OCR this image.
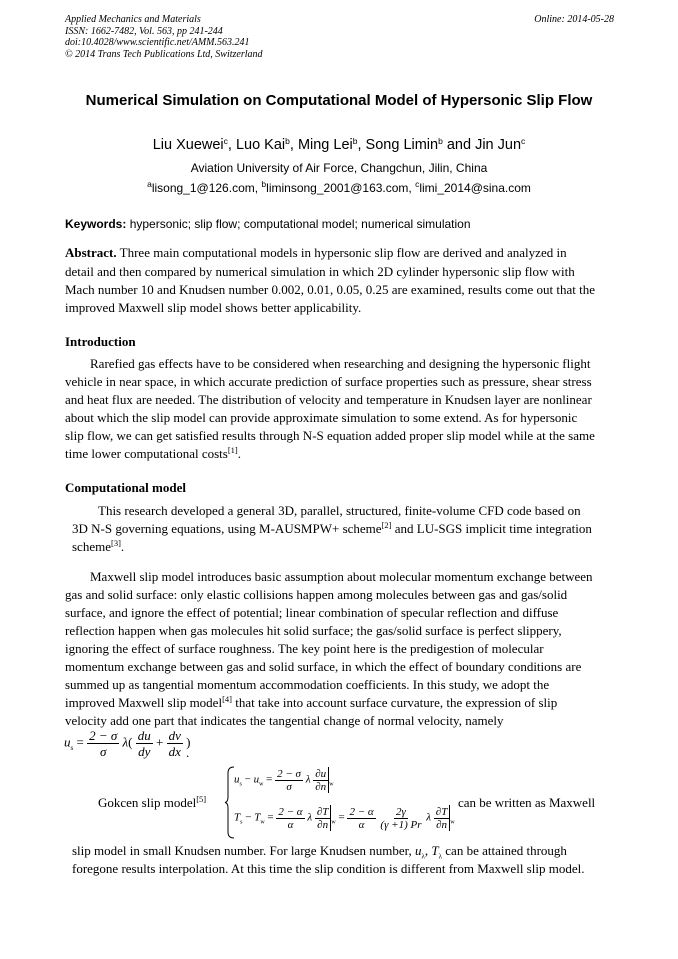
Applied Mechanics and Materials
ISSN: 1662-7482, Vol. 563, pp 241-244
doi:10.4028/www.scientific.net/AMM.563.241
© 2014 Trans Tech Publications Ltd, Switzerland
Online: 2014-05-28
Numerical Simulation on Computational Model of Hypersonic Slip Flow
Liu Xuewei$^c$, Luo Kai$^b$, Ming Lei$^b$, Song Limin$^b$ and Jin Jun$^c$
Aviation University of Air Force, Changchun, Jilin, China
$^a$lisong_1@126.com, $^b$liminsong_2001@163.com, $^c$limi_2014@sina.com
Keywords: hypersonic; slip flow; computational model; numerical simulation
Abstract. Three main computational models in hypersonic slip flow are derived and analyzed in
detail and then compared by numerical simulation in which 2D cylinder hypersonic slip flow with
Mach number 10 and Knudsen number 0.002, 0.01, 0.05, 0.25 are examined, results come out that the
improved Maxwell slip model shows better applicability.
Introduction
Rarefied gas effects have to be considered when researching and designing the hypersonic flight
vehicle in near space, in which accurate prediction of surface properties such as pressure, shear stress
and heat flux are needed. The distribution of velocity and temperature in Knudsen layer are nonlinear
about which the slip model can provide approximate simulation to some extend. As for hypersonic
slip flow, we can get satisfied results through N-S equation added proper slip model while at the same
time lower computational costs[1].
Computational model
This research developed a general 3D, parallel, structured, finite-volume CFD code based on
3D N-S governing equations, using M-AUSMPW+ scheme[2] and LU-SGS implicit time integration
scheme[3].
Maxwell slip model introduces basic assumption about molecular momentum exchange between
gas and solid surface: only elastic collisions happen among molecules between gas and gas/solid
surface, and ignore the effect of potential; linear combination of specular reflection and diffuse
reflection happen when gas molecules hit solid surface; the gas/solid surface is perfect slippery,
ignoring the effect of surface roughness. The key point here is the predigestion of molecular
momentum exchange between gas and solid surface, in which the effect of boundary conditions are
summed up as tangential momentum accommodation coefficients. In this study, we adopt the
improved Maxwell slip model[4] that take into account surface curvature, the expression of slip
velocity add one part that indicates the tangential change of normal velocity, namely
$u_s = \frac{2 - \sigma}{\sigma} \lambda( \frac{du}{dy} + \frac{dv}{dx}$ )
.
Gokcen slip model[5]
$u_s - u_w = \frac{2 - \sigma}{\sigma}$ λ $\frac{\partial u}{\partial n} _w$
$T_s - T_w = \frac{2 - \alpha}{\alpha}$ λ $\frac{\partial T}{\partial n} _w = \frac{2 - \alpha}{\alpha}$
$\frac{2\gamma}{(\gamma +1) Pr}$ λ $\frac{\partial T}{\partial n} _w$
can be written as Maxwell
slip model in small Knudsen number. For large Knudsen number, $u_\lambda$, $T_\lambda$ can be attained through
foregone results interpolation. At this time the slip condition is different from Maxwell slip model.
